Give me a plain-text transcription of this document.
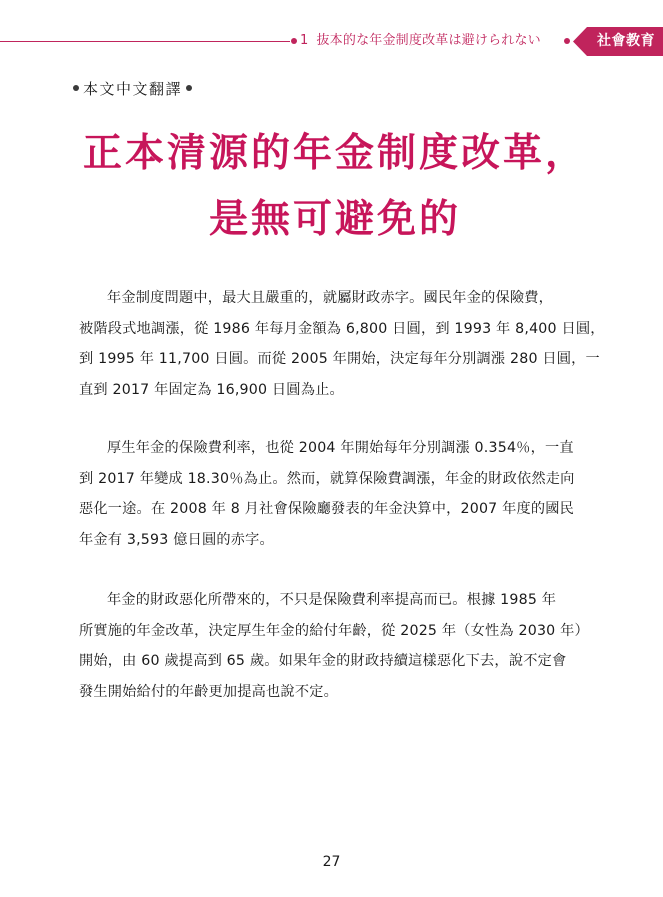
1 抜本的な年金制度改革は避けられない	社會教育
本文中文翻譯
正本清源的年金制度改革，
是無可避免的
年金制度問題中，最大且嚴重的，就屬財政赤字。國民年金的保險費，
被階段式地調漲，從 1986 年每月金額為 6,800 日圓，到 1993 年 8,400 日圓，
到 1995 年 11,700 日圓。而從 2005 年開始，決定每年分別調漲 280 日圓，一
直到 2017 年固定為 16,900 日圓為止。
厚生年金的保險費利率，也從 2004 年開始每年分別調漲 0.354％，一直
到 2017 年變成 18.30％為止。然而，就算保險費調漲，年金的財政依然走向
惡化一途。在 2008 年 8 月社會保險廳發表的年金決算中，2007 年度的國民
年金有 3,593 億日圓的赤字。
年金的財政惡化所帶來的，不只是保險費利率提高而已。根據 1985 年
所實施的年金改革，決定厚生年金的給付年齡，從 2025 年（女性為 2030 年）
開始，由 60 歲提高到 65 歲。如果年金的財政持續這樣惡化下去，說不定會
發生開始給付的年齡更加提高也說不定。
27
